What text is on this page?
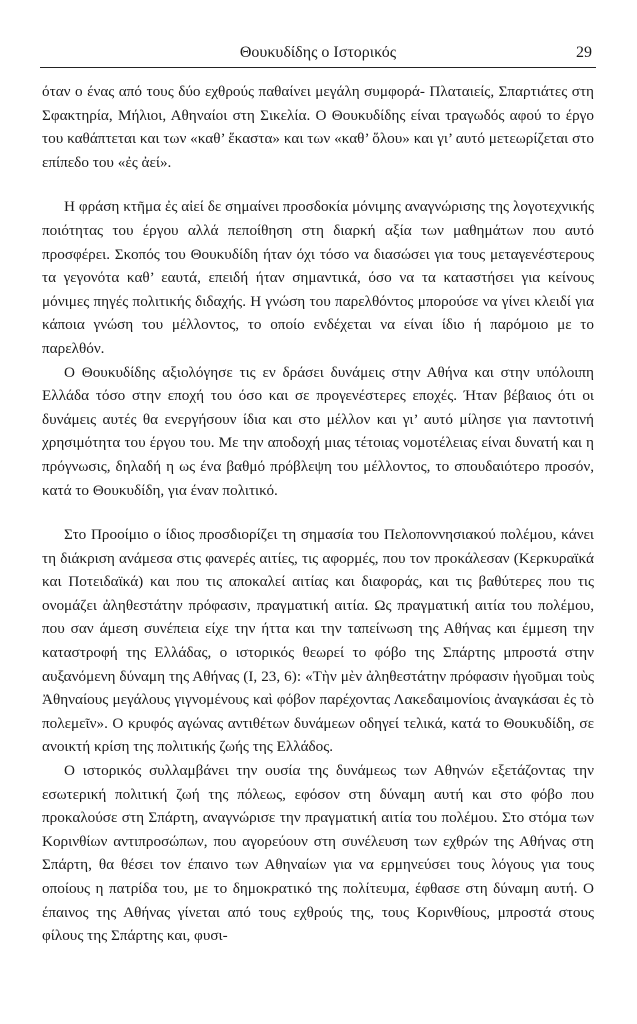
Θουκυδίδης ο Ιστορικός	29

όταν ο ένας από τους δύο εχθρούς παθαίνει μεγάλη συμφορά- Πλαταιείς, Σπαρτιάτες στη Σφακτηρία, Μήλιοι, Αθηναίοι στη Σικελία. Ο Θουκυδίδης είναι τραγωδός αφού το έργο του καθάπτεται και των «καθ’ ἕκαστα» και των «καθ’ ὅλου» και γι’ αυτό μετεωρίζεται στο επίπεδο του «ἐς ἀεί».

Η φράση κτῆμα ἐς αἰεί δε σημαίνει προσδοκία μόνιμης αναγνώρισης της λογοτεχνικής ποιότητας του έργου αλλά πεποίθηση στη διαρκή αξία των μαθημάτων που αυτό προσφέρει. Σκοπός του Θουκυδίδη ήταν όχι τόσο να διασώσει για τους μεταγενέστερους τα γεγονότα καθ’ εαυτά, επειδή ήταν σημαντικά, όσο να τα καταστήσει για κείνους μόνιμες πηγές πολιτικής διδαχής. Η γνώση του παρελθόντος μπορούσε να γίνει κλειδί για κάποια γνώση του μέλλοντος, το οποίο ενδέχεται να είναι ίδιο ή παρόμοιο με το παρελθόν.

Ο Θουκυδίδης αξιολόγησε τις εν δράσει δυνάμεις στην Αθήνα και στην υπόλοιπη Ελλάδα τόσο στην εποχή του όσο και σε προγενέστερες εποχές. Ήταν βέβαιος ότι οι δυνάμεις αυτές θα ενεργήσουν ίδια και στο μέλλον και γι’ αυτό μίλησε για παντοτινή χρησιμότητα του έργου του. Με την αποδοχή μιας τέτοιας νομοτέλειας είναι δυνατή και η πρόγνωσις, δηλαδή η ως ένα βαθμό πρόβλεψη του μέλλοντος, το σπουδαιότερο προσόν, κατά το Θουκυδίδη, για έναν πολιτικό.

Στο Προοίμιο ο ίδιος προσδιορίζει τη σημασία του Πελοποννησιακού πολέμου, κάνει τη διάκριση ανάμεσα στις φανερές αιτίες, τις αφορμές, που τον προκάλεσαν (Κερκυραϊκά και Ποτειδαϊκά) και που τις αποκαλεί αιτίας και διαφοράς, και τις βαθύτερες που τις ονομάζει ἀληθεστάτην πρόφασιν, πραγματική αιτία. Ως πραγματική αιτία του πολέμου, που σαν άμεση συνέπεια είχε την ήττα και την ταπείνωση της Αθήνας και έμμεση την καταστροφή της Ελλάδας, ο ιστορικός θεωρεί το φόβο της Σπάρτης μπροστά στην αυξανόμενη δύναμη της Αθήνας (Ι, 23, 6): «Τὴν μὲν ἀληθεστάτην πρόφασιν ἡγοῦμαι τοὺς Ἀθηναίους μεγάλους γιγνομένους καὶ φόβον παρέχοντας Λακεδαιμονίοις ἀναγκάσαι ἐς τὸ πολεμεῖν». Ο κρυφός αγώνας αντιθέτων δυνάμεων οδηγεί τελικά, κατά το Θουκυδίδη, σε ανοικτή κρίση της πολιτικής ζωής της Ελλάδος.

Ο ιστορικός συλλαμβάνει την ουσία της δυνάμεως των Αθηνών εξετάζοντας την εσωτερική πολιτική ζωή της πόλεως, εφόσον στη δύναμη αυτή και στο φόβο που προκαλούσε στη Σπάρτη, αναγνώρισε την πραγματική αιτία του πολέμου. Στο στόμα των Κορινθίων αντιπροσώπων, που αγορεύουν στη συνέλευση των εχθρών της Αθήνας στη Σπάρτη, θα θέσει τον έπαινο των Αθηναίων για να ερμηνεύσει τους λόγους για τους οποίους η πατρίδα του, με το δημοκρατικό της πολίτευμα, έφθασε στη δύναμη αυτή. Ο έπαινος της Αθήνας γίνεται από τους εχθρούς της, τους Κορινθίους, μπροστά στους φίλους της Σπάρτης και, φυσι-
